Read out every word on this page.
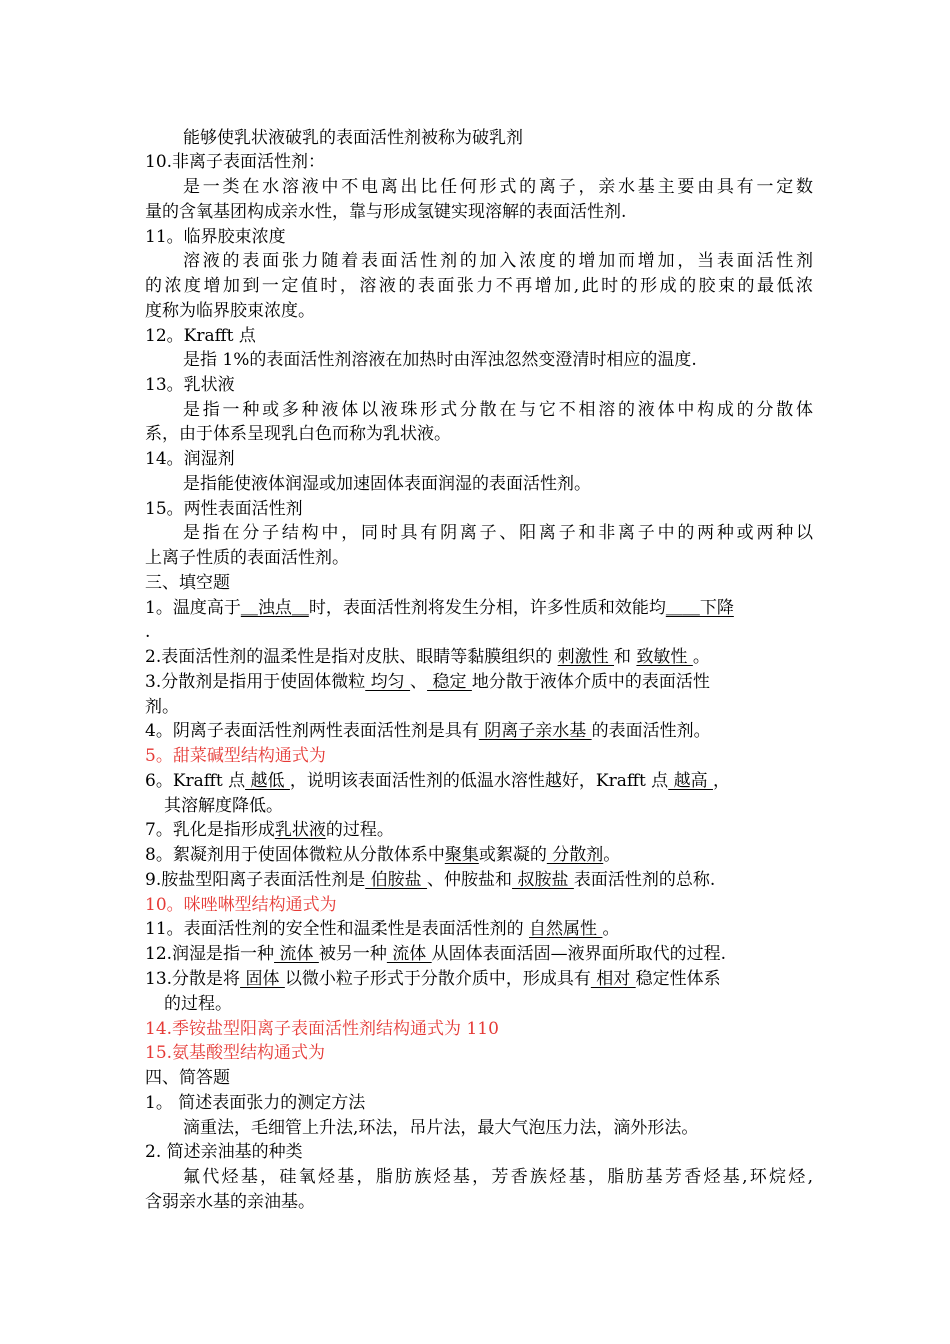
能够使乳状液破乳的表面活性剂被称为破乳剂
10.非离子表面活性剂：
是一类在水溶液中不电离出比任何形式的离子，亲水基主要由具有一定数
量的含氧基团构成亲水性，靠与形成氢键实现溶解的表面活性剂.
11。临界胶束浓度
溶液的表面张力随着表面活性剂的加入浓度的增加而增加，当表面活性剂
的浓度增加到一定值时，溶液的表面张力不再增加,此时的形成的胶束的最低浓
度称为临界胶束浓度。
12。Krafft 点
是指 1%的表面活性剂溶液在加热时由浑浊忽然变澄清时相应的温度.
13。乳状液
是指一种或多种液体以液珠形式分散在与它不相溶的液体中构成的分散体
系，由于体系呈现乳白色而称为乳状液。
14。润湿剂
是指能使液体润湿或加速固体表面润湿的表面活性剂。
15。两性表面活性剂
是指在分子结构中，同时具有阴离子、阳离子和非离子中的两种或两种以
上离子性质的表面活性剂。
三、填空题
1。温度高于＿浊点＿时，表面活性剂将发生分相，许多性质和效能均＿＿下降
.
2.表面活性剂的温柔性是指对皮肤、眼睛等黏膜组织的 刺激性 和 致敏性 。
3.分散剂是指用于使固体微粒 均匀 、 稳定 地分散于液体介质中的表面活性
剂。
4。阴离子表面活性剂两性表面活性剂是具有 阴离子亲水基 的表面活性剂。
5。甜菜碱型结构通式为
6。Krafft 点 越低 ，说明该表面活性剂的低温水溶性越好，Krafft 点 越高 ，
其溶解度降低。
7。乳化是指形成乳状液的过程。
8。絮凝剂用于使固体微粒从分散体系中聚集或絮凝的 分散剂。
9.胺盐型阳离子表面活性剂是 伯胺盐 、仲胺盐和 叔胺盐 表面活性剂的总称.
10。咪唑啉型结构通式为
11。表面活性剂的安全性和温柔性是表面活性剂的 自然属性 。
12.润湿是指一种 流体 被另一种 流体 从固体表面活固—液界面所取代的过程.
13.分散是将 固体 以微小粒子形式于分散介质中，形成具有 相对 稳定性体系
的过程。
14.季铵盐型阳离子表面活性剂结构通式为 110
15.氨基酸型结构通式为
四、简答题
1。 简述表面张力的测定方法
滴重法，毛细管上升法,环法，吊片法，最大气泡压力法，滴外形法。
2. 简述亲油基的种类
氟代烃基，硅氧烃基，脂肪族烃基，芳香族烃基，脂肪基芳香烃基,环烷烃,
含弱亲水基的亲油基。
